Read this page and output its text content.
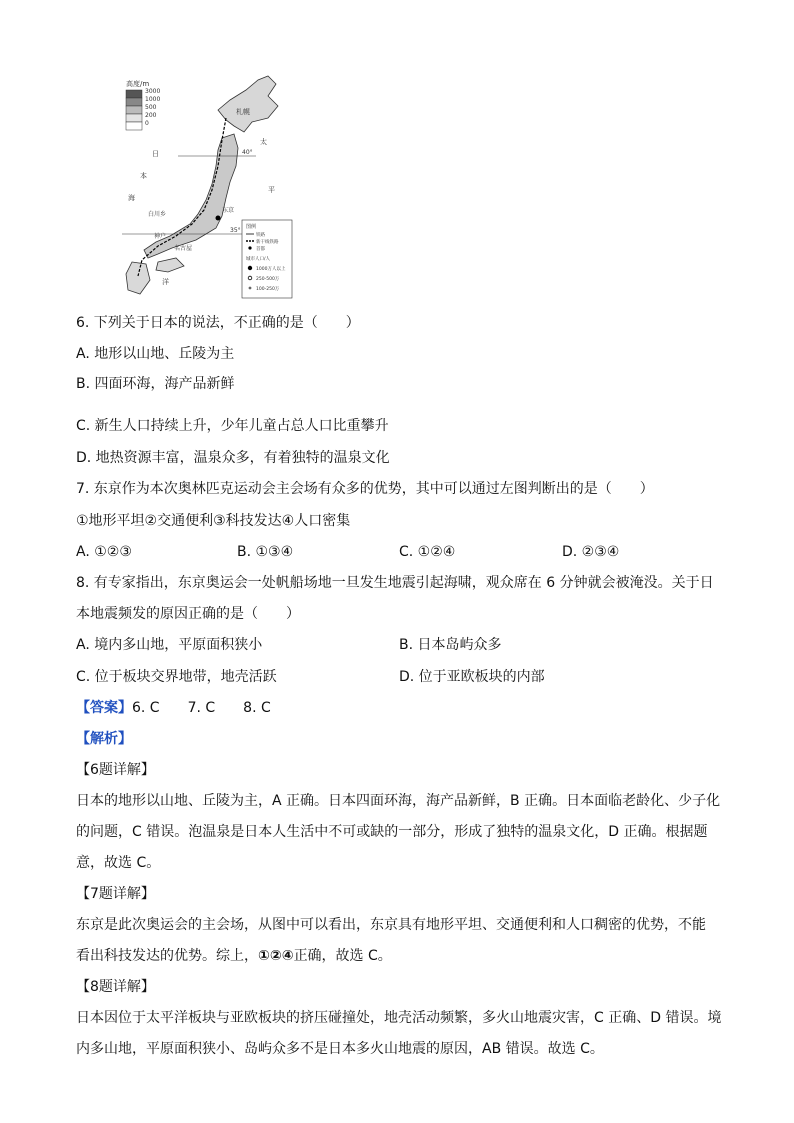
高度/m
3000
1000
500
200
0
40°
35°
札幌
太
平
日
本
海
白川乡
东京
名古屋
神户
洋
图例
铁路
新干线铁路
首都
城市人口/人
1000万人以上
250-500万
100-250万
6. 下列关于日本的说法，不正确的是（　　）
A. 地形以山地、丘陵为主
B. 四面环海，海产品新鲜
C. 新生人口持续上升，少年儿童占总人口比重攀升
D. 地热资源丰富，温泉众多，有着独特的温泉文化
7. 东京作为本次奥林匹克运动会主会场有众多的优势，其中可以通过左图判断出的是（　　）
①地形平坦②交通便利③科技发达④人口密集
A. ①②③	B. ①③④	C. ①②④	D. ②③④
8. 有专家指出，东京奥运会一处帆船场地一旦发生地震引起海啸，观众席在 6 分钟就会被淹没。关于日
本地震频发的原因正确的是（　　）
A. 境内多山地，平原面积狭小	B. 日本岛屿众多
C. 位于板块交界地带，地壳活跃	D. 位于亚欧板块的内部
【答案】6. C　　7. C　　8. C
【解析】
【6题详解】
日本的地形以山地、丘陵为主，A 正确。日本四面环海，海产品新鲜，B 正确。日本面临老龄化、少子化
的问题，C 错误。泡温泉是日本人生活中不可或缺的一部分，形成了独特的温泉文化，D 正确。根据题
意，故选 C。
【7题详解】
东京是此次奥运会的主会场，从图中可以看出，东京具有地形平坦、交通便利和人口稠密的优势，不能
看出科技发达的优势。综上，①②④正确，故选 C。
【8题详解】
日本因位于太平洋板块与亚欧板块的挤压碰撞处，地壳活动频繁，多火山地震灾害，C 正确、D 错误。境
内多山地，平原面积狭小、岛屿众多不是日本多火山地震的原因，AB 错误。故选 C。
